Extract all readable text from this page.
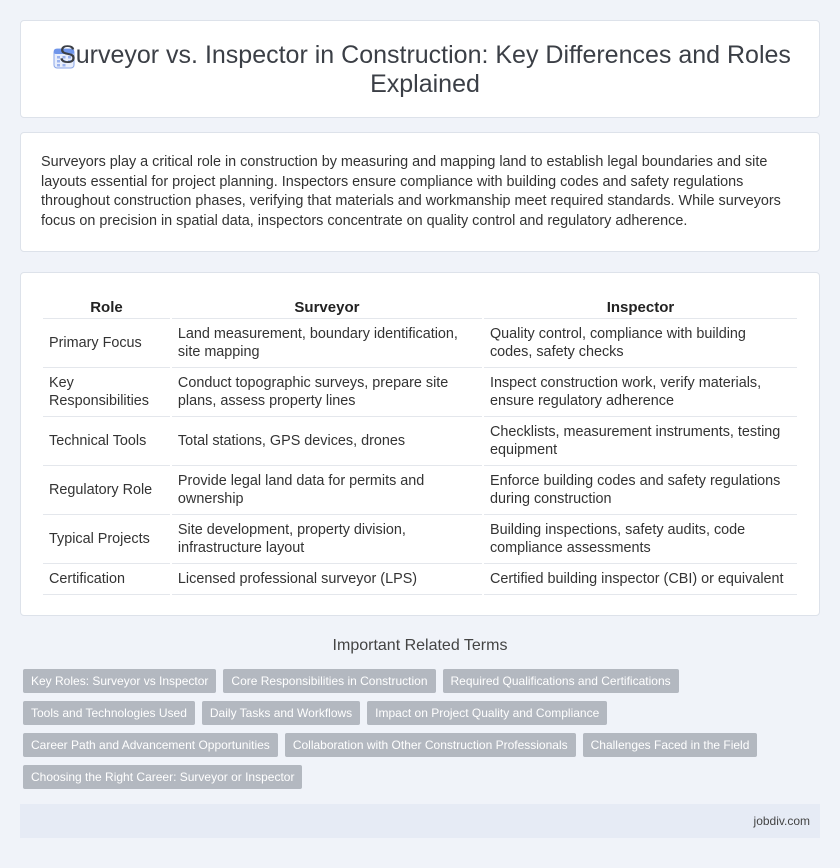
Surveyor vs. Inspector in Construction: Key Differences and Roles Explained

Surveyors play a critical role in construction by measuring and mapping land to establish legal boundaries and site layouts essential for project planning. Inspectors ensure compliance with building codes and safety regulations throughout construction phases, verifying that materials and workmanship meet required standards. While surveyors focus on precision in spatial data, inspectors concentrate on quality control and regulatory adherence.

Role	Surveyor	Inspector
Primary Focus	Land measurement, boundary identification, site mapping	Quality control, compliance with building codes, safety checks
Key Responsibilities	Conduct topographic surveys, prepare site plans, assess property lines	Inspect construction work, verify materials, ensure regulatory adherence
Technical Tools	Total stations, GPS devices, drones	Checklists, measurement instruments, testing equipment
Regulatory Role	Provide legal land data for permits and ownership	Enforce building codes and safety regulations during construction
Typical Projects	Site development, property division, infrastructure layout	Building inspections, safety audits, code compliance assessments
Certification	Licensed professional surveyor (LPS)	Certified building inspector (CBI) or equivalent
Important Related Terms
Key Roles: Surveyor vs Inspector	Core Responsibilities in Construction	Required Qualifications and Certifications
Tools and Technologies Used	Daily Tasks and Workflows	Impact on Project Quality and Compliance
Career Path and Advancement Opportunities	Collaboration with Other Construction Professionals	Challenges Faced in the Field
Choosing the Right Career: Surveyor or Inspector
jobdiv.com
